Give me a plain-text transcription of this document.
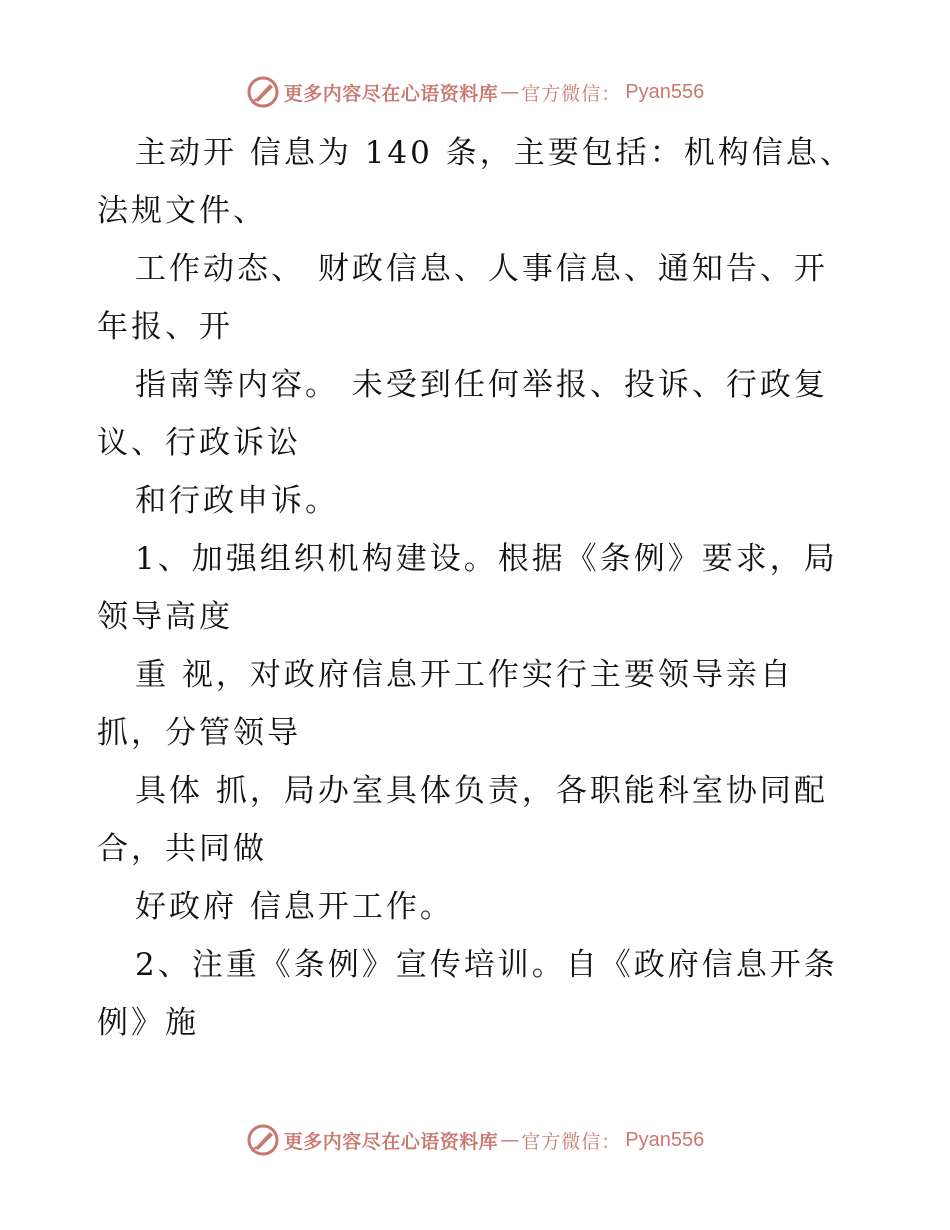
更多内容尽在心语资料库 — 官方微信： Pyan556
主动开 信息为 140 条，主要包括：机构信息、
法规文件、
工作动态、 财政信息、人事信息、通知告、开
年报、开
指南等内容。 未受到任何举报、投诉、行政复
议、行政诉讼
和行政申诉。
1、加强组织机构建设。根据《条例》要求，局
领导高度
重 视，对政府信息开工作实行主要领导亲自
抓，分管领导
具体 抓，局办室具体负责，各职能科室协同配
合，共同做
好政府 信息开工作。
2、注重《条例》宣传培训。自《政府信息开条
例》施
更多内容尽在心语资料库 — 官方微信： Pyan556
